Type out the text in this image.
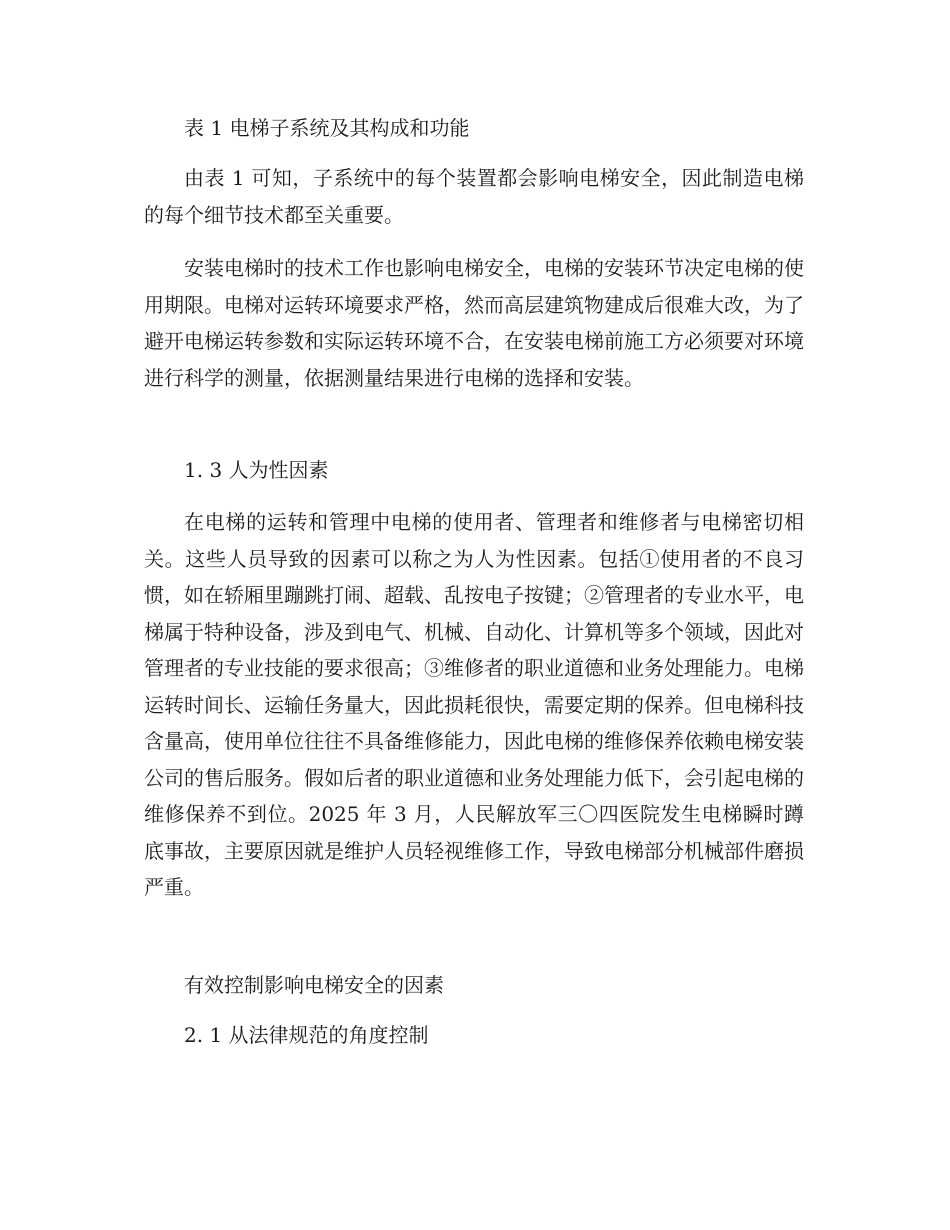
表 1 电梯子系统及其构成和功能

由表 1 可知，子系统中的每个装置都会影响电梯安全，因此制造电梯的每个细节技术都至关重要。

安装电梯时的技术工作也影响电梯安全，电梯的安装环节决定电梯的使用期限。电梯对运转环境要求严格，然而高层建筑物建成后很难大改，为了避开电梯运转参数和实际运转环境不合，在安装电梯前施工方必须要对环境进行科学的测量，依据测量结果进行电梯的选择和安装。

1. 3 人为性因素

在电梯的运转和管理中电梯的使用者、管理者和维修者与电梯密切相关。这些人员导致的因素可以称之为人为性因素。包括①使用者的不良习惯，如在轿厢里蹦跳打闹、超载、乱按电子按键；②管理者的专业水平，电梯属于特种设备，涉及到电气、机械、自动化、计算机等多个领域，因此对管理者的专业技能的要求很高；③维修者的职业道德和业务处理能力。电梯运转时间长、运输任务量大，因此损耗很快，需要定期的保养。但电梯科技含量高，使用单位往往不具备维修能力，因此电梯的维修保养依赖电梯安装公司的售后服务。假如后者的职业道德和业务处理能力低下，会引起电梯的维修保养不到位。2025 年 3 月，人民解放军三〇四医院发生电梯瞬时蹲底事故，主要原因就是维护人员轻视维修工作，导致电梯部分机械部件磨损严重。

有效控制影响电梯安全的因素

2. 1 从法律规范的角度控制
